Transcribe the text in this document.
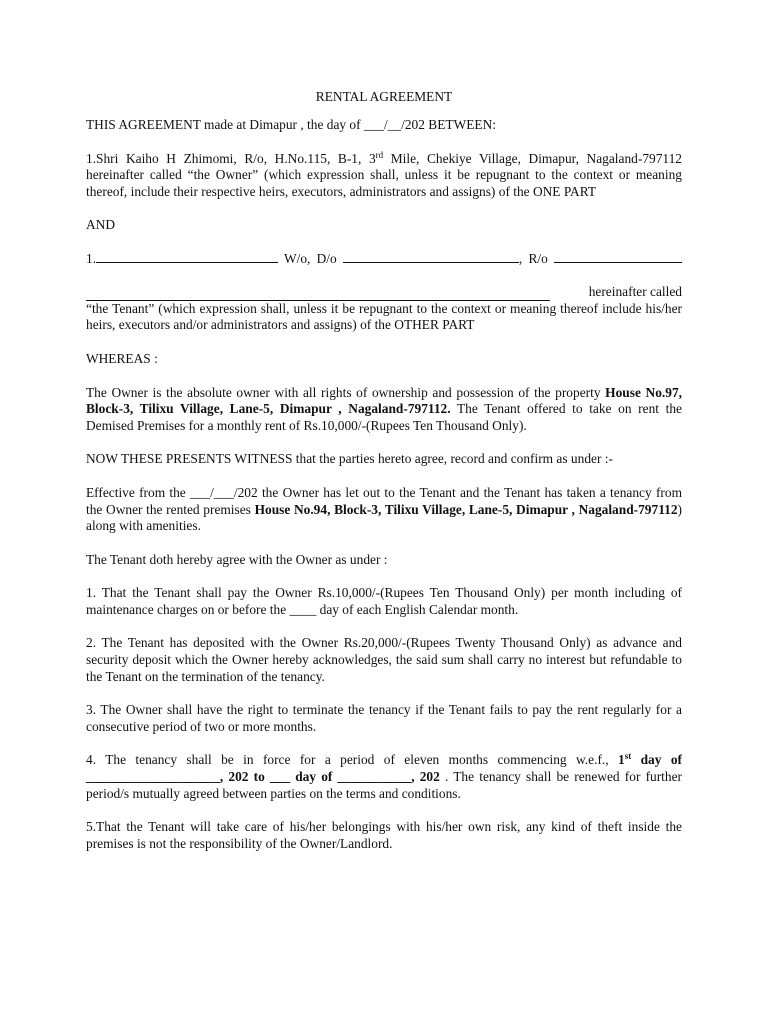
RENTAL AGREEMENT

THIS AGREEMENT made at Dimapur , the day of ___/__/202 BETWEEN:

1.Shri Kaiho H Zhimomi, R/o, H.No.115, B-1, 3rd Mile, Chekiye Village, Dimapur, Nagaland-797112 hereinafter called “the Owner” (which expression shall, unless it be repugnant to the context or meaning thereof, include their respective heirs, executors, administrators and assigns) of the ONE PART

AND

1.	W/o, D/o	, R/o

hereinafter called

“the Tenant” (which expression shall, unless it be repugnant to the context or meaning thereof include his/her heirs, executors and/or administrators and assigns) of the OTHER PART

WHEREAS :

The Owner is the absolute owner with all rights of ownership and possession of the property House No.97, Block-3, Tilixu Village, Lane-5, Dimapur , Nagaland-797112. The Tenant offered to take on rent the Demised Premises for a monthly rent of Rs.10,000/-(Rupees Ten Thousand Only).

NOW THESE PRESENTS WITNESS that the parties hereto agree, record and confirm as under :-

Effective from the ___/___/202 the Owner has let out to the Tenant and the Tenant has taken a tenancy from the Owner the rented premises House No.94, Block-3, Tilixu Village, Lane-5, Dimapur , Nagaland-797112) along with amenities.

The Tenant doth hereby agree with the Owner as under :

1. That the Tenant shall pay the Owner Rs.10,000/-(Rupees Ten Thousand Only) per month including of maintenance charges on or before the ____ day of each English Calendar month.

2. The Tenant has deposited with the Owner Rs.20,000/-(Rupees Twenty Thousand Only) as advance and security deposit which the Owner hereby acknowledges, the said sum shall carry no interest but refundable to the Tenant on the termination of the tenancy.

3. The Owner shall have the right to terminate the tenancy if the Tenant fails to pay the rent regularly for a consecutive period of two or more months.

4. The tenancy shall be in force for a period of eleven months commencing w.e.f., 1st day of ____________________, 202 to ___ day of ___________, 202 . The tenancy shall be renewed for further period/s mutually agreed between parties on the terms and conditions.

5.That the Tenant will take care of his/her belongings with his/her own risk, any kind of theft inside the premises is not the responsibility of the Owner/Landlord.
